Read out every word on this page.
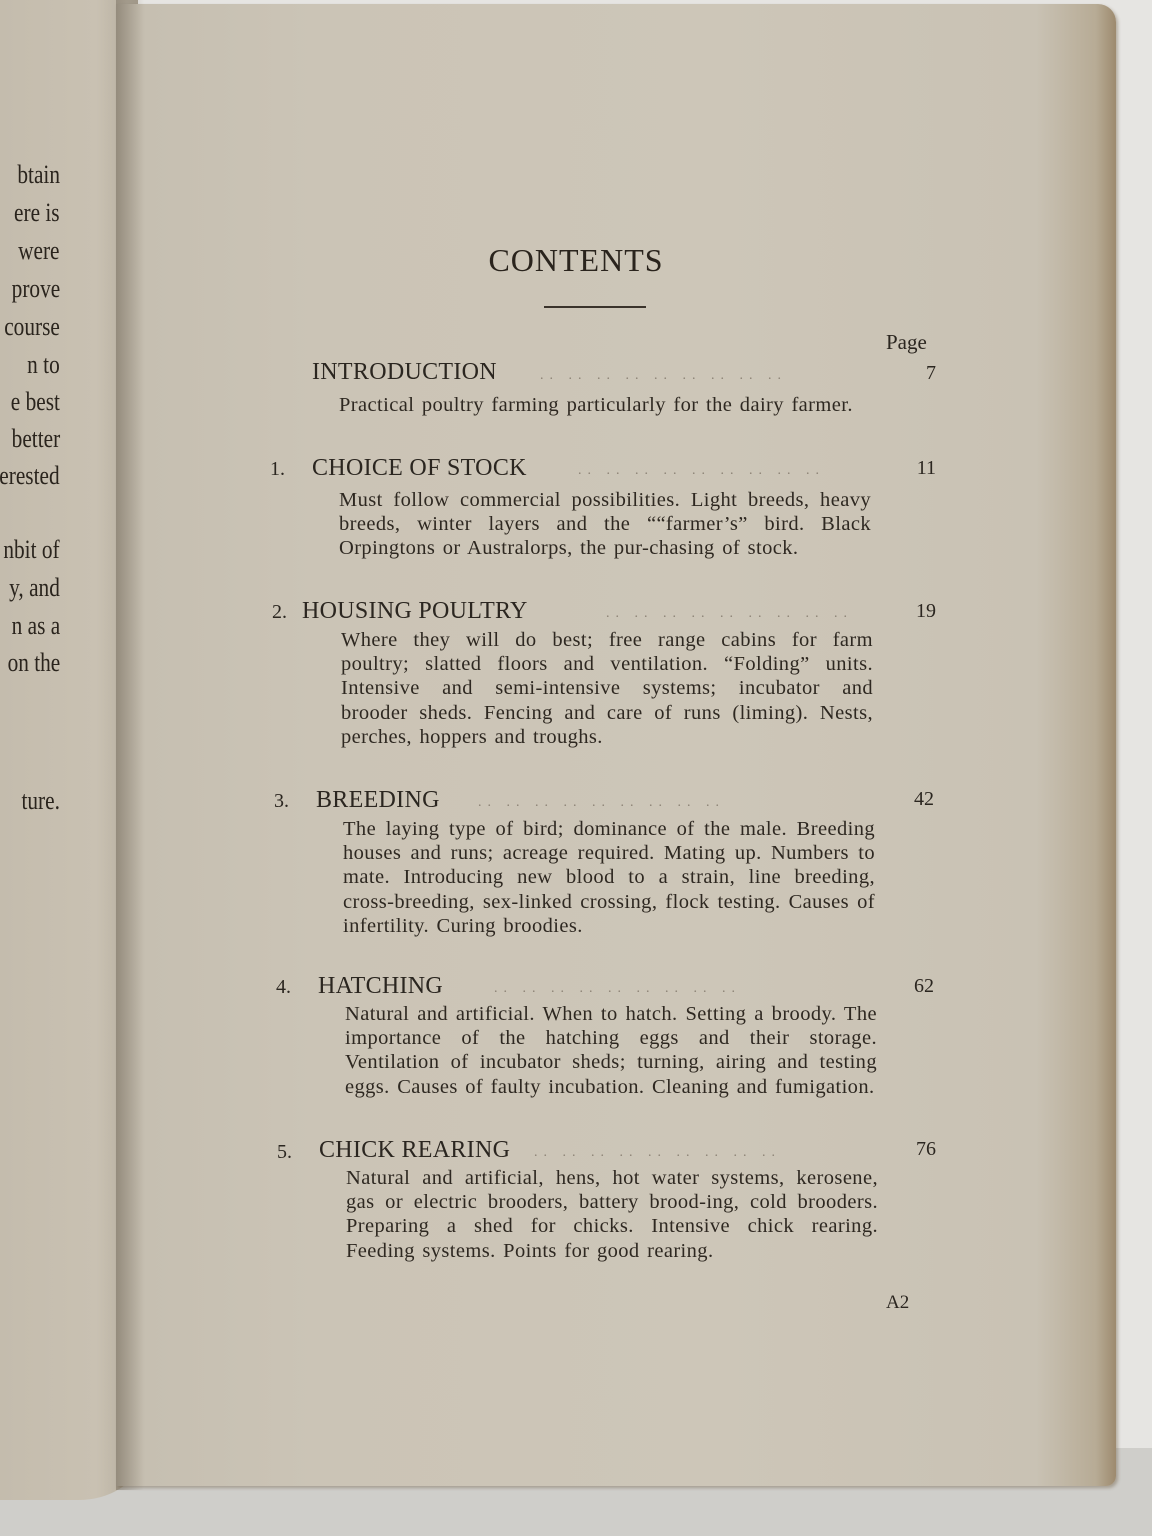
btain
ere is
were
prove
course
n to
e best
better
erested
nbit of
y, and
n as a
on the
ture.
CONTENTS
Page
INTRODUCTION	.. .. .. .. .. .. .. .. ..	7
Practical poultry farming particularly for the dairy farmer.
1. CHOICE OF STOCK	.. .. .. .. .. .. .. .. ..	11
Must follow commercial possibilities. Light breeds, heavy breeds, winter layers and the ““farmer’s” bird. Black Orpingtons or Australorps, the pur-chasing of stock.
2. HOUSING POULTRY	.. .. .. .. .. .. .. .. ..	19
Where they will do best; free range cabins for farm poultry; slatted floors and ventilation. “Folding” units. Intensive and semi-intensive systems; incubator and brooder sheds. Fencing and care of runs (liming). Nests, perches, hoppers and troughs.
3. BREEDING	.. .. .. .. .. .. .. .. ..	42
The laying type of bird; dominance of the male. Breeding houses and runs; acreage required. Mating up. Numbers to mate. Introducing new blood to a strain, line breeding, cross-breeding, sex-linked crossing, flock testing. Causes of infertility. Curing broodies.
4. HATCHING	.. .. .. .. .. .. .. .. ..	62
Natural and artificial. When to hatch. Setting a broody. The importance of the hatching eggs and their storage. Ventilation of incubator sheds; turning, airing and testing eggs. Causes of faulty incubation. Cleaning and fumigation.
5. CHICK REARING .. .. .. .. .. .. .. .. ..	76
Natural and artificial, hens, hot water systems, kerosene, gas or electric brooders, battery brood-ing, cold brooders. Preparing a shed for chicks. Intensive chick rearing. Feeding systems. Points for good rearing.
A2
